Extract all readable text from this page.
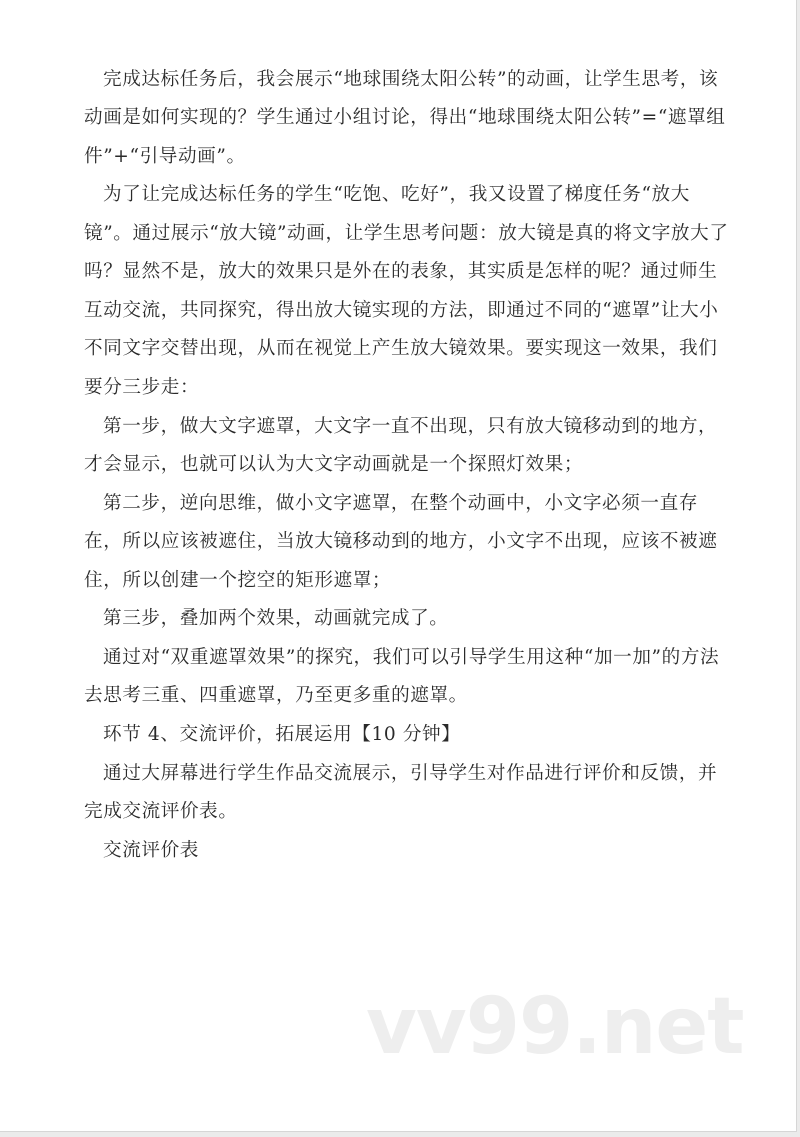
完成达标任务后，我会展示“地球围绕太阳公转”的动画，让学生思考，该
动画是如何实现的？学生通过小组讨论，得出“地球围绕太阳公转”=“遮罩组
件”+“引导动画”。
为了让完成达标任务的学生“吃饱、吃好”，我又设置了梯度任务“放大
镜”。通过展示“放大镜”动画，让学生思考问题：放大镜是真的将文字放大了
吗？显然不是，放大的效果只是外在的表象，其实质是怎样的呢？通过师生
互动交流，共同探究，得出放大镜实现的方法，即通过不同的“遮罩”让大小
不同文字交替出现，从而在视觉上产生放大镜效果。要实现这一效果，我们
要分三步走：
第一步，做大文字遮罩，大文字一直不出现，只有放大镜移动到的地方，
才会显示，也就可以认为大文字动画就是一个探照灯效果；
第二步，逆向思维，做小文字遮罩，在整个动画中，小文字必须一直存
在，所以应该被遮住，当放大镜移动到的地方，小文字不出现，应该不被遮
住，所以创建一个挖空的矩形遮罩；
第三步，叠加两个效果，动画就完成了。
通过对“双重遮罩效果”的探究，我们可以引导学生用这种“加一加”的方法
去思考三重、四重遮罩，乃至更多重的遮罩。
环节 4、交流评价，拓展运用【10 分钟】
通过大屏幕进行学生作品交流展示，引导学生对作品进行评价和反馈，并
完成交流评价表。
交流评价表
vv99.net
